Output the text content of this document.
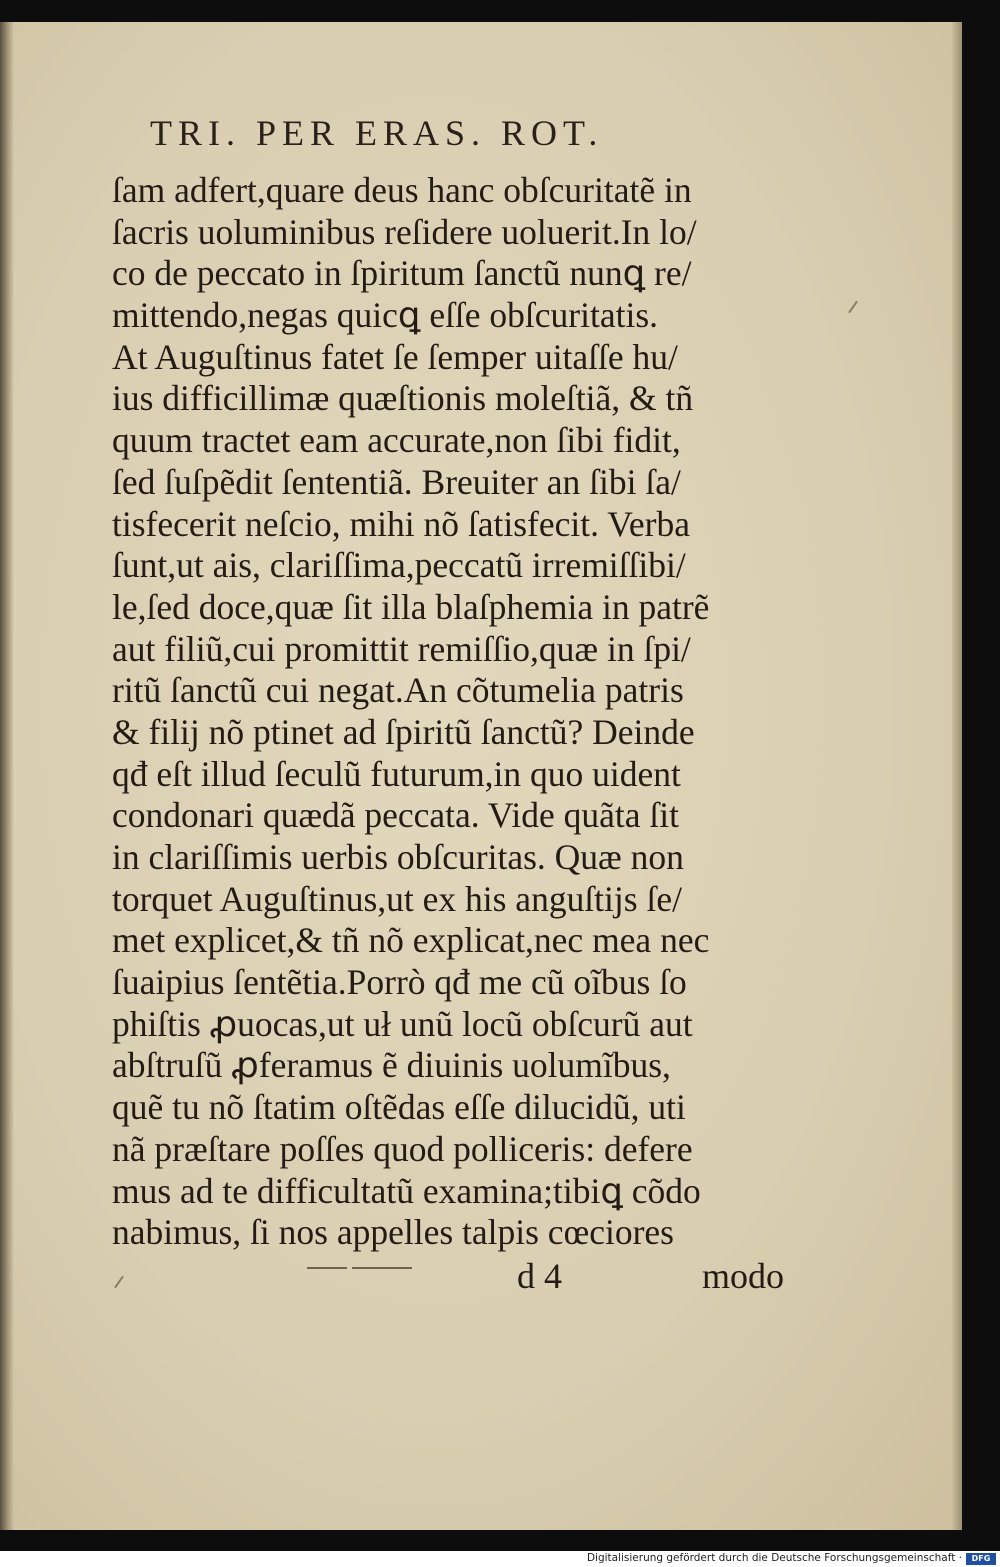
TRI. PER ERAS. ROT.
ſam adfert,quare deus hanc obſcuritatẽ in
ſacris uoluminibus reſidere uoluerit.In lo/
co de peccato in ſpiritum ſanctũ nunꝗ re/
mittendo,negas quicꝗ eſſe obſcuritatis.
At Auguſtinus fatet ſe ſemper uitaſſe hu/
ius difficillimæ quæſtionis moleſtiã, & tñ
quum tractet eam accurate,non ſibi fidit,
ſed ſuſpẽdit ſententiã. Breuiter an ſibi ſa/
tisfecerit neſcio, mihi nõ ſatisfecit. Verba
ſunt,ut ais, clariſſima,peccatũ irremiſſibi/
le,ſed doce,quæ ſit illa blaſphemia in patrẽ
aut filiũ,cui promittit remiſſio,quæ in ſpi/
ritũ ſanctũ cui negat.An cõtumelia patris
& filij nõ ptinet ad ſpiritũ ſanctũ? Deinde
qđ eſt illud ſeculũ futurum,in quo uident
condonari quædã peccata. Vide quãta ſit
in clariſſimis uerbis obſcuritas. Quæ non
torquet Auguſtinus,ut ex his anguſtijs ſe/
met explicet,& tñ nõ explicat,nec mea nec
ſuaipius ſentẽtia.Porrò qđ me cũ oĩbus ſo
phiſtis ꝓuocas,ut uł unũ locũ obſcurũ aut
abſtruſũ ꝓferamus ẽ diuinis uolumĩbus,
quẽ tu nõ ſtatim oſtẽdas eſſe dilucidũ, uti
nã præſtare poſſes quod polliceris: defere
mus ad te difficultatũ examina;tibiꝗ cõdo
nabimus, ſi nos appelles talpis cœciores
d 4	modo
Digitalisierung gefördert durch die Deutsche Forschungsgemeinschaft ·	DFG
